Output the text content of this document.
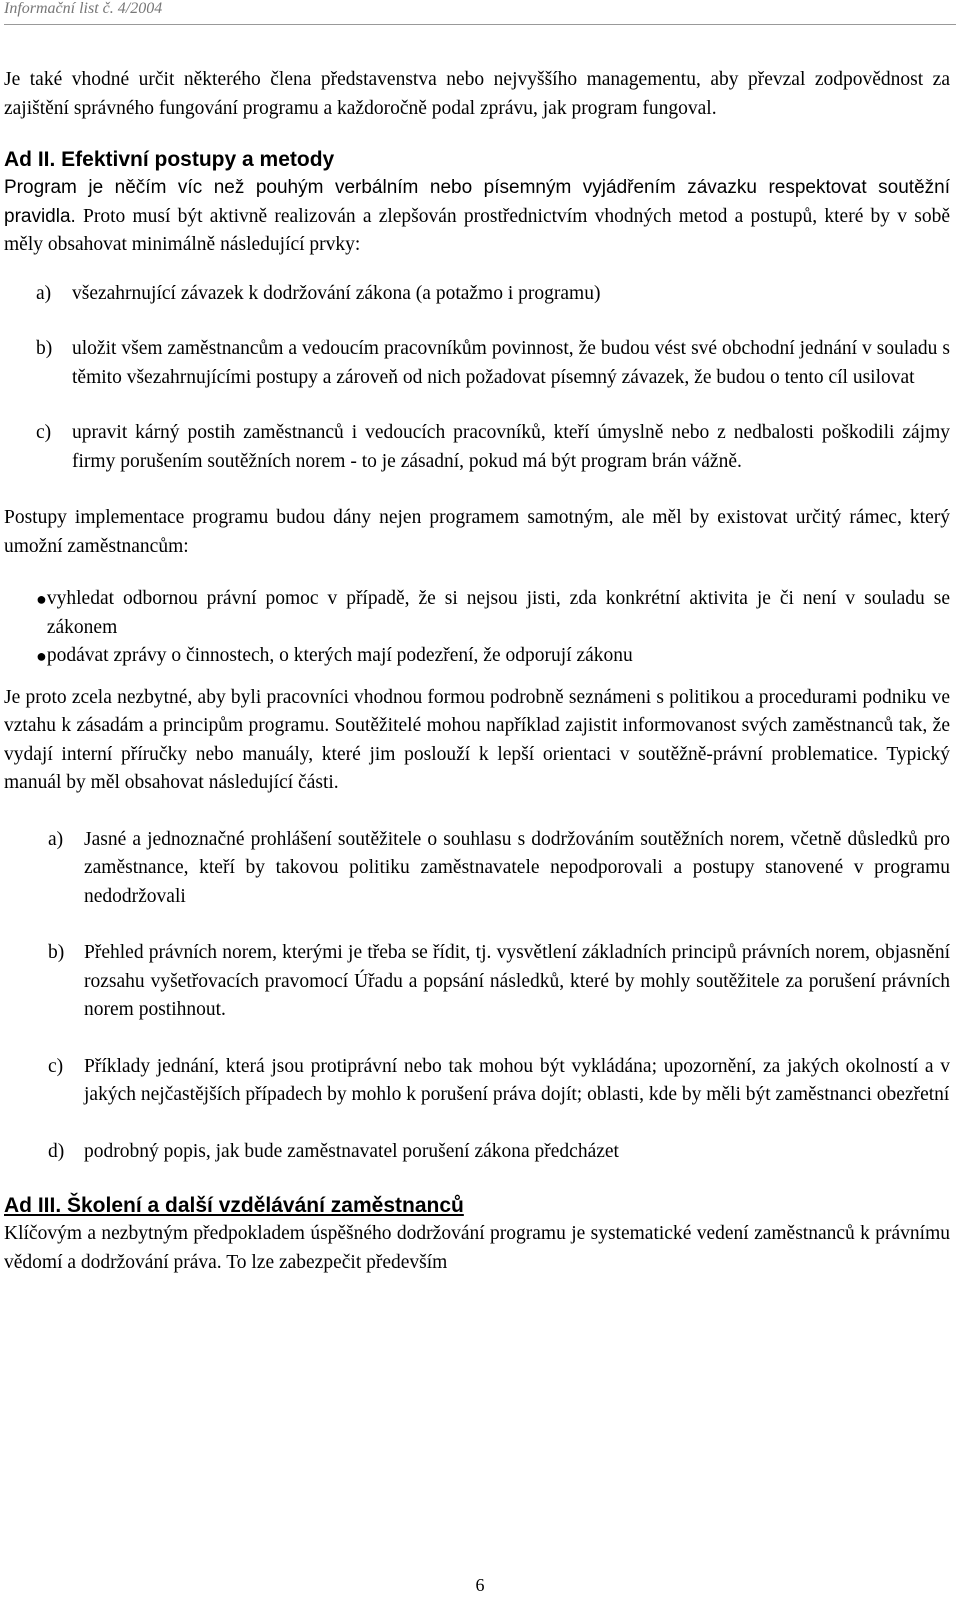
Informační list č. 4/2004

Je také vhodné určit některého člena představenstva nebo nejvyššího managementu, aby převzal zodpovědnost za zajištění správného fungování programu a každoročně podal zprávu, jak program fungoval.

Ad II. Efektivní postupy a metody

Program je něčím víc než pouhým verbálním nebo písemným vyjádřením závazku respektovat soutěžní pravidla. Proto musí být aktivně realizován a zlepšován prostřednictvím vhodných metod a postupů, které by v sobě měly obsahovat minimálně následující prvky:

a)	všezahrnující závazek k dodržování zákona (a potažmo i programu)
b)	uložit všem zaměstnancům a vedoucím pracovníkům povinnost, že budou vést své obchodní jednání v souladu s těmito všezahrnujícími postupy a zároveň od nich požadovat písemný závazek, že budou o tento cíl usilovat
c)	upravit kárný postih zaměstnanců i vedoucích pracovníků, kteří úmyslně nebo z nedbalosti poškodili zájmy firmy porušením soutěžních norem - to je zásadní, pokud má být program brán vážně.

Postupy implementace programu budou dány nejen programem samotným, ale měl by existovat určitý rámec, který umožní zaměstnancům:

● vyhledat odbornou právní pomoc v případě, že si nejsou jisti, zda konkrétní aktivita je či není v souladu se zákonem
● podávat zprávy o činnostech, o kterých mají podezření, že odporují zákonu

Je proto zcela nezbytné, aby byli pracovníci vhodnou formou podrobně seznámeni s politikou a procedurami podniku ve vztahu k zásadám a principům programu. Soutěžitelé mohou například zajistit informovanost svých zaměstnanců tak, že vydají interní příručky nebo manuály, které jim poslouží k lepší orientaci v soutěžně-právní problematice. Typický manuál by měl obsahovat následující části.

a)	Jasné a jednoznačné prohlášení soutěžitele o souhlasu s dodržováním soutěžních norem, včetně důsledků pro zaměstnance, kteří by takovou politiku zaměstnavatele nepodporovali a postupy stanovené v programu nedodržovali
b)	Přehled právních norem, kterými je třeba se řídit, tj. vysvětlení základních principů právních norem, objasnění rozsahu vyšetřovacích pravomocí Úřadu a popsání následků, které by mohly soutěžitele za porušení právních norem postihnout.
c)	Příklady jednání, která jsou protiprávní nebo tak mohou být vykládána; upozornění, za jakých okolností a v jakých nejčastějších případech by mohlo k porušení práva dojít; oblasti, kde by měli být zaměstnanci obezřetní
d)	podrobný popis, jak bude zaměstnavatel porušení zákona předcházet
Ad III. Školení a další vzdělávání zaměstnanců

Klíčovým a nezbytným předpokladem úspěšného dodržování programu je systematické vedení zaměstnanců k právnímu vědomí a dodržování práva. To lze zabezpečit především

6
